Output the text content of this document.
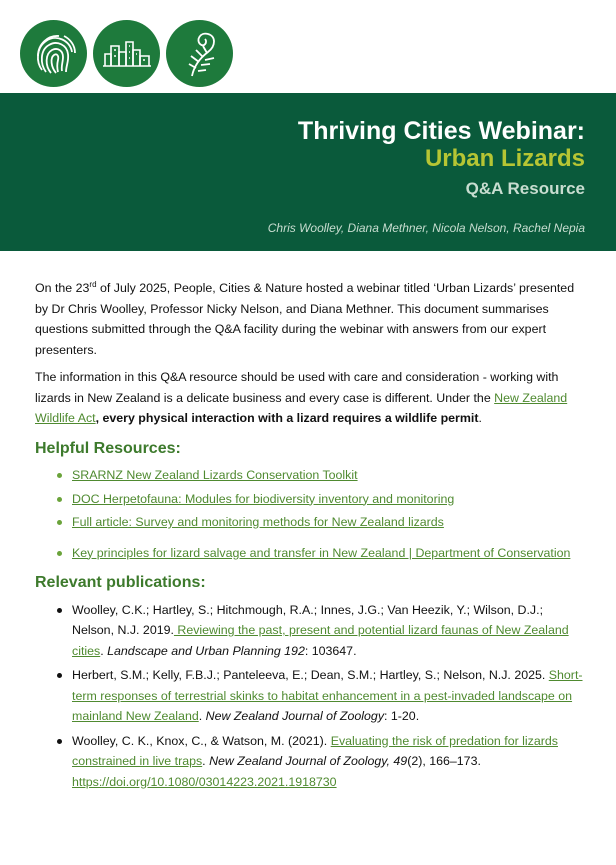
Thriving Cities Webinar:
Urban Lizards
Q&A Resource
Chris Woolley, Diana Methner, Nicola Nelson, Rachel Nepia

On the 23rd of July 2025, People, Cities & Nature hosted a webinar titled ‘Urban Lizards’ presented by Dr Chris Woolley, Professor Nicky Nelson, and Diana Methner. This document summarises questions submitted through the Q&A facility during the webinar with answers from our expert presenters.

The information in this Q&A resource should be used with care and consideration - working with lizards in New Zealand is a delicate business and every case is different. Under the New Zealand Wildlife Act, every physical interaction with a lizard requires a wildlife permit.

Helpful Resources:
SRARNZ New Zealand Lizards Conservation Toolkit
DOC Herpetofauna: Modules for biodiversity inventory and monitoring
Full article: Survey and monitoring methods for New Zealand lizards
Key principles for lizard salvage and transfer in New Zealand | Department of Conservation
Relevant publications:
Woolley, C.K.; Hartley, S.; Hitchmough, R.A.; Innes, J.G.; Van Heezik, Y.; Wilson, D.J.; Nelson, N.J. 2019. Reviewing the past, present and potential lizard faunas of New Zealand cities. Landscape and Urban Planning 192: 103647.
Herbert, S.M.; Kelly, F.B.J.; Panteleeva, E.; Dean, S.M.; Hartley, S.; Nelson, N.J. 2025. Short-term responses of terrestrial skinks to habitat enhancement in a pest-invaded landscape on mainland New Zealand. New Zealand Journal of Zoology: 1-20.
Woolley, C. K., Knox, C., & Watson, M. (2021). Evaluating the risk of predation for lizards constrained in live traps. New Zealand Journal of Zoology, 49(2), 166–173. https://doi.org/10.1080/03014223.2021.1918730
